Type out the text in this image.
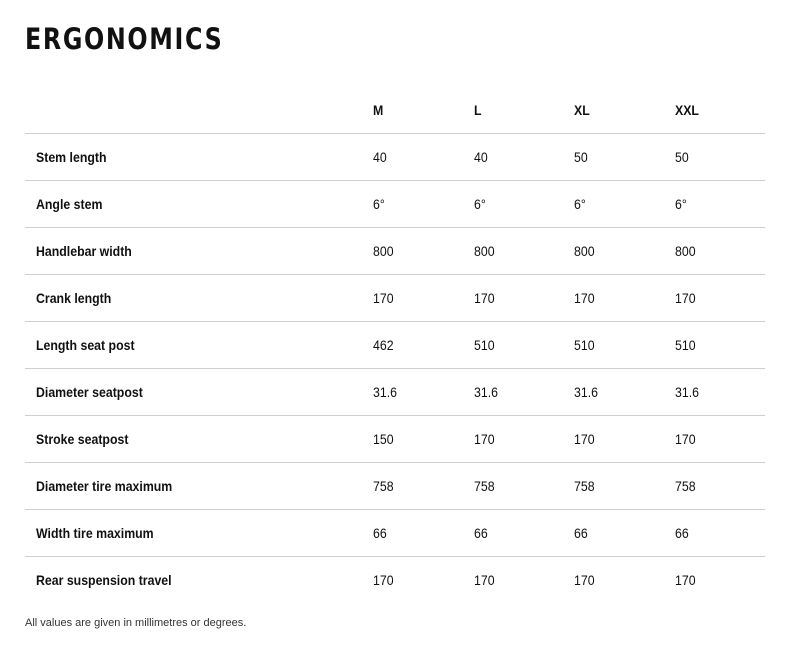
ERGONOMICS
	M	L	XL	XXL
Stem length	40	40	50	50
Angle stem	6°	6°	6°	6°
Handlebar width	800	800	800	800
Crank length	170	170	170	170
Length seat post	462	510	510	510
Diameter seatpost	31.6	31.6	31.6	31.6
Stroke seatpost	150	170	170	170
Diameter tire maximum	758	758	758	758
Width tire maximum	66	66	66	66
Rear suspension travel	170	170	170	170
All values are given in millimetres or degrees.
